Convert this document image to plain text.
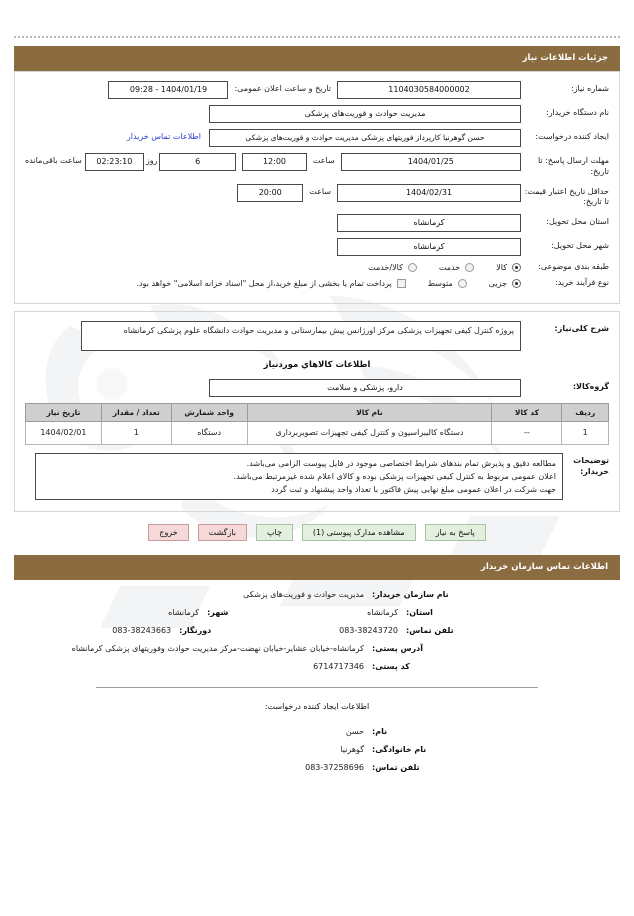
جزئیات اطلاعات نیاز
شماره نیاز:
1104030584000002
تاریخ و ساعت اعلان عمومی:
1404/01/19 - 09:28
نام دستگاه خریدار:
مدیریت حوادث و فوریت‌های پزشکی
ایجاد کننده درخواست:
حسن گوهرنیا کارپرداز فوریتهای پزشکی مدیریت حوادث و فوریت‌های پزشکی
اطلاعات تماس خریدار
مهلت ارسال پاسخ: تا تاریخ:
1404/01/25
ساعت
12:00
6
روز
02:23:10
ساعت باقی‌مانده
حداقل تاریخ اعتبار قیمت: تا تاریخ:
1404/02/31
ساعت
20:00
استان محل تحویل:
کرمانشاه
شهر محل تحویل:
کرمانشاه
طبقه بندی موضوعی:
کالا
خدمت
کالا/خدمت
نوع فرآیند خرید:
جزیی
متوسط
پرداخت تمام یا بخشی از مبلغ خرید،از محل "اسناد خزانه اسلامی" خواهد بود.
شرح کلی‌نیاز:
پروژه کنترل کیفی تجهیزات پزشکی مرکز اورژانس پیش بیمارستانی و مدیریت حوادث دانشگاه علوم پزشکی کرمانشاه
اطلاعات کالاهاي موردنیاز
گروه‌کالا:
دارو، پزشکی و سلامت
ردیف	کد کالا	نام کالا	واحد شمارش	تعداد / مقدار	تاریخ نیاز
1	--	دستگاه کالیبراسیون و کنترل کیفی تجهیزات تصویربرداری	دستگاه	1	1404/02/01
توضیحات خریدار:
مطالعه دقیق و پذیرش تمام بندهای شرایط اختصاصی موجود در فایل پیوست الزامی می‌باشد.
اعلان عمومی مربوط به کنترل کیفی تجهیزات پزشکی بوده و کالای اعلام شده غیرمرتبط می‌باشد.
جهت شرکت در اعلان عمومی مبلغ نهایی پیش فاکتور با تعداد واحد پیشنهاد و ثبت گردد
پاسخ به نیاز
مشاهده مدارک پیوستی (1)
چاپ
بازگشت
خروج
اطلاعات تماس سازمان خریدار
نام سازمان خریدار:
مدیریت حوادث و فوریت‌های پزشکی
استان:
کرمانشاه
شهر:
کرمانشاه
تلفن تماس:
083-38243720
دورنگار:
083-38243663
آدرس پستی:
کرمانشاه-خیابان عشایر-خیابان نهضت-مرکز مدیریت حوادث وفوریتهای پزشکی کرمانشاه
کد پستی:
6714717346
اطلاعات ایجاد کننده درخواست:
نام:
حسن
نام خانوادگی:
گوهرنیا
تلفن تماس:
083-37258696
